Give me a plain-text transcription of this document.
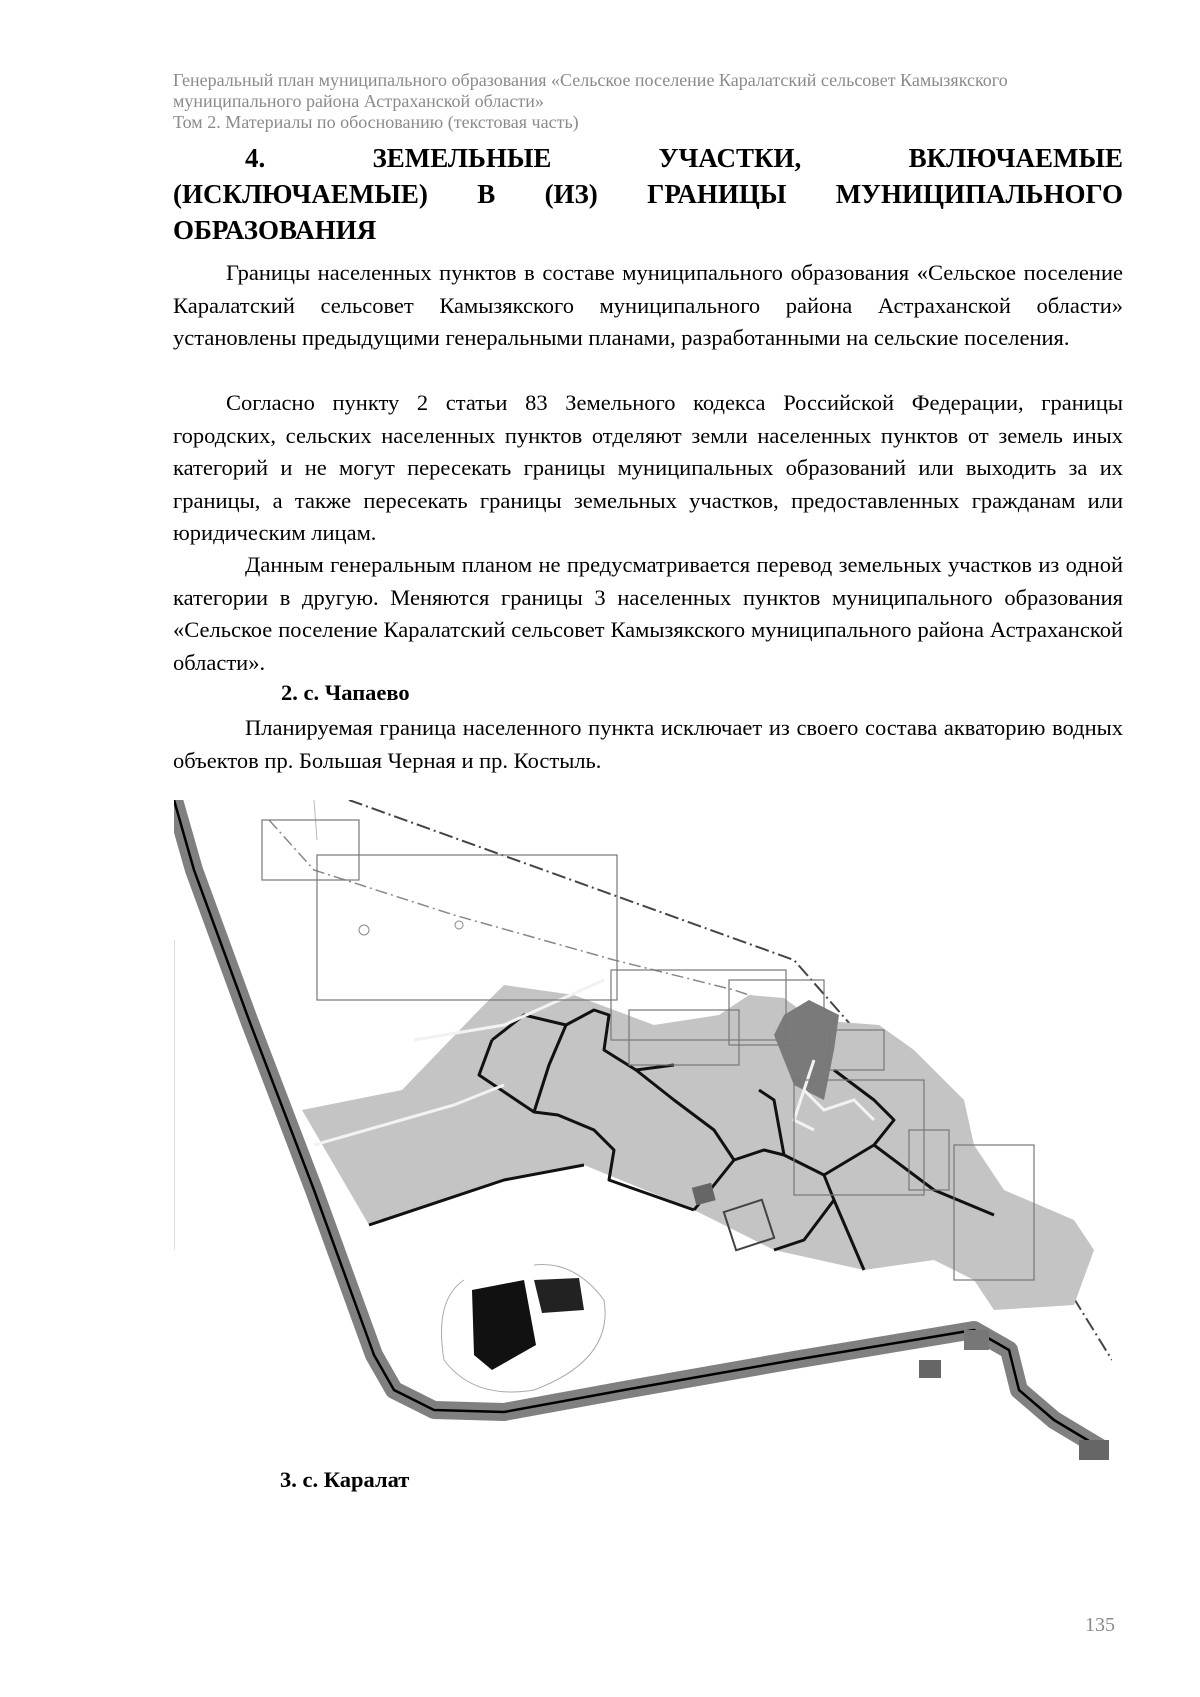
Генеральный план муниципального образования «Сельское поселение Каралатский сельсовет Камызякского
муниципального района Астраханской области»
Том 2. Материалы по обоснованию (текстовая часть)
4.	ЗЕМЕЛЬНЫЕ	УЧАСТКИ,	ВКЛЮЧАЕМЫЕ
(ИСКЛЮЧАЕМЫЕ) В (ИЗ) ГРАНИЦЫ МУНИЦИПАЛЬНОГО
ОБРАЗОВАНИЯ

Границы населенных пунктов в составе муниципального образования «Сельское поселение Каралатский сельсовет Камызякского муниципального района Астраханской области» установлены предыдущими генеральными планами, разработанными на сельские поселения.

Согласно пункту 2 статьи 83 Земельного кодекса Российской Федерации, границы городских, сельских населенных пунктов отделяют земли населенных пунктов от земель иных категорий и не могут пересекать границы муниципальных образований или выходить за их границы, а также пересекать границы земельных участков, предоставленных гражданам или юридическим лицам.

Данным генеральным планом не предусматривается перевод земельных участков из одной категории в другую. Меняются границы 3 населенных пунктов муниципального образования «Сельское поселение Каралатский сельсовет Камызякского муниципального района Астраханской области».

2. с. Чапаево

Планируемая граница населенного пункта исключает из своего состава акваторию водных объектов пр. Большая Черная и пр. Костыль.

3. с. Каралат
135
